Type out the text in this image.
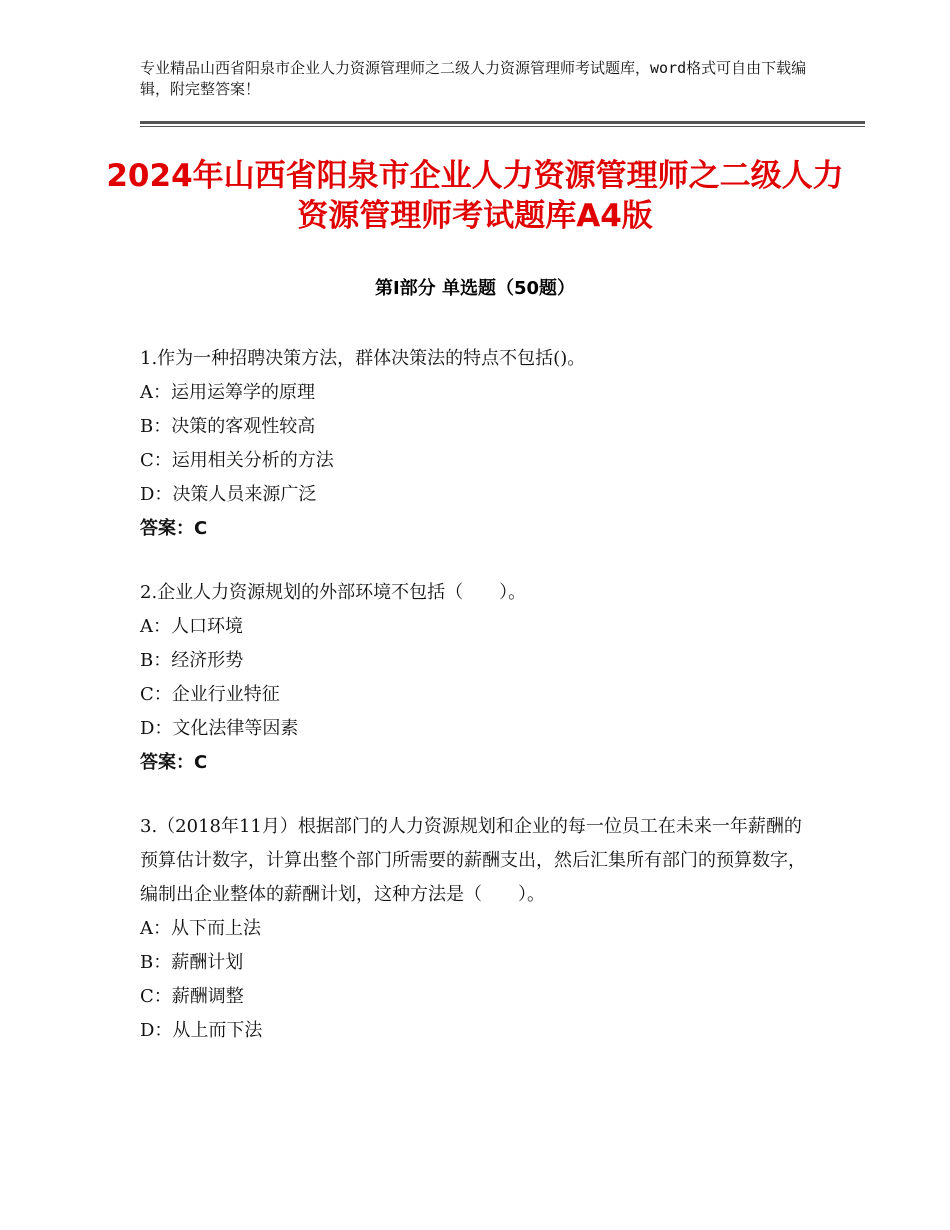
专业精品山西省阳泉市企业人力资源管理师之二级人力资源管理师考试题库，word格式可自由下载编辑，附完整答案！
2024年山西省阳泉市企业人力资源管理师之二级人力资源管理师考试题库A4版
第Ⅰ部分 单选题（50题）
1.作为一种招聘决策方法，群体决策法的特点不包括()。
A：运用运筹学的原理
B：决策的客观性较高
C：运用相关分析的方法
D：决策人员来源广泛
答案：C
2.企业人力资源规划的外部环境不包括（　　）。
A：人口环境
B：经济形势
C：企业行业特征
D：文化法律等因素
答案：C
3.（2018年11月）根据部门的人力资源规划和企业的每一位员工在未来一年薪酬的预算估计数字，计算出整个部门所需要的薪酬支出，然后汇集所有部门的预算数字，编制出企业整体的薪酬计划，这种方法是（　　）。
A：从下而上法
B：薪酬计划
C：薪酬调整
D：从上而下法
